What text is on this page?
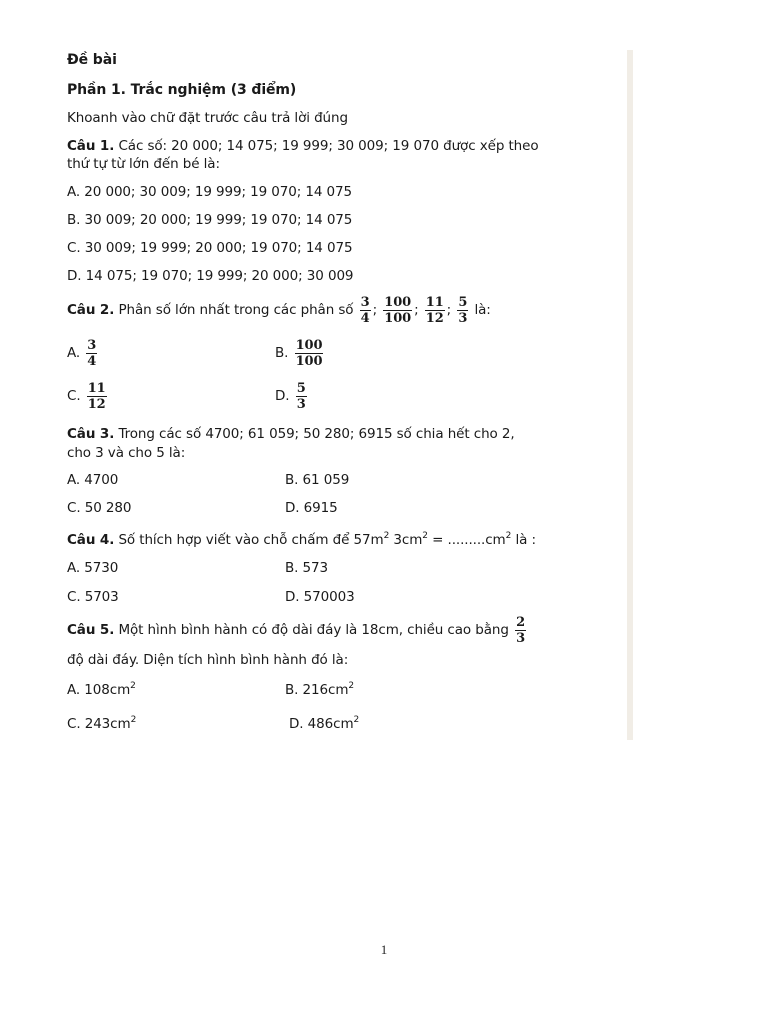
Đề bài
Phần 1. Trắc nghiệm (3 điểm)
Khoanh vào chữ đặt trước câu trả lời đúng
Câu 1. Các số: 20 000; 14 075; 19 999; 30 009; 19 070 được xếp theo
thứ tự từ lớn đến bé là:
A. 20 000; 30 009; 19 999; 19 070; 14 075
B. 30 009; 20 000; 19 999; 19 070; 14 075
C. 30 009; 19 999; 20 000; 19 070; 14 075
D. 14 075; 19 070; 19 999; 20 000; 30 009
Câu 2. Phân số lớn nhất trong các phân số $\frac{3}{4}$ ; $\frac{100}{100}$ ; $\frac{11}{12}$ ; $\frac{5}{3}$ là:
A. $\frac{3}{4}$	B. $\frac{100}{100}$
C. $\frac{11}{12}$	D. $\frac{5}{3}$
Câu 3. Trong các số 4700; 61 059; 50 280; 6915 số chia hết cho 2,
cho 3 và cho 5 là:
A. 4700	B. 61 059
C. 50 280	D. 6915
Câu 4. Số thích hợp viết vào chỗ chấm để $57m^2$ $3cm^2 = .........cm^2$ là :
A. 5730	B. 573
C. 5703	D. 570003
Câu 5. Một hình bình hành có độ dài đáy là 18cm, chiều cao bằng $\frac{2}{3}$
độ dài đáy. Diện tích hình bình hành đó là:
A. $108cm^2$	B. $216cm^2$
C. $243cm^2$	D. $486cm^2$
1
